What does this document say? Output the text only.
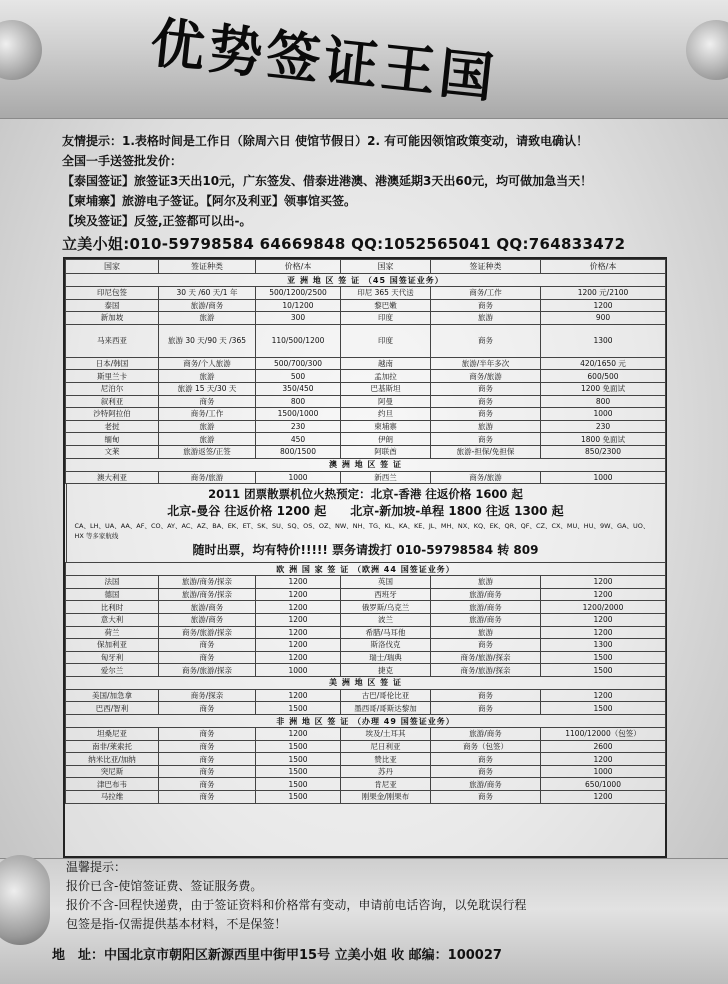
优势签证王国
友情提示：1.表格时间是工作日（除周六日 使馆节假日）2. 有可能因领馆政策变动，请致电确认！
全国一手送签批发价：
【泰国签证】旅签证3天出10元，广东签发、借泰进港澳、港澳延期3天出60元，均可做加急当天！
【柬埔寨】旅游电子签证。【阿尔及利亚】领事馆买签。
【埃及签证】反签,正签都可以出-。
立美小姐:010-59798584 64669848 QQ:1052565041 QQ:764833472
国家	签证种类	价格/本	国家	签证种类	价格/本
亚 洲 地 区 签 证 （45 国签证业务）					
印尼包签	30 天 /60 天/1 年	500/1200/2500	印尼 365 天代送	商务/工作	1200 元/2100
泰国	旅游/商务	10/1200	黎巴嫩	商务	1200
新加坡	旅游	300	印度	旅游	900
马来西亚	旅游 30 天/90 天 /365	110/500/1200	印度	商务	1300
日本/韩国	商务/个人旅游	500/700/300	越南	旅游/半年多次	420/1650 元
斯里兰卡	旅游	500	孟加拉	商务/旅游	600/500
尼泊尔	旅游 15 天/30 天	350/450	巴基斯坦	商务	1200 免面试
叙利亚	商务	800	阿曼	商务	800
沙特阿拉伯	商务/工作	1500/1000	约旦	商务	1000
老挝	旅游	230	柬埔寨	旅游	230
缅甸	旅游	450	伊朗	商务	1800 免面试
文莱	旅游返签/正签	800/1500	阿联酋	旅游-担保/免担保	850/2300
澳 洲 地 区 签 证					
澳大利亚	商务/旅游	1000	新西兰	商务/旅游	1000

2011 团票散票机位火热预定：北京-香港 往返价格 1600 起
北京-曼谷 往返价格 1200 起　　北京-新加坡-单程 1800 往返 1300 起
CA、LH、UA、AA、AF、CO、AY、AC、AZ、BA、EK、ET、SK、SU、SQ、OS、OZ、NW、NH、TG、KL、KA、KE、JL、MH、NX、KQ、EK、QR、QF、CZ、CX、MU、HU、9W、GA、UO、HX 等多家航线
随时出票，均有特价!!!!! 票务请拨打 010-59798584 转 809					

欧 洲 国 家 签 证 （欧洲 44 国签证业务）					
法国	旅游/商务/探亲	1200	英国	旅游	1200
德国	旅游/商务/探亲	1200	西班牙	旅游/商务	1200
比利时	旅游/商务	1200	俄罗斯/乌克兰	旅游/商务	1200/2000
意大利	旅游/商务	1200	波兰	旅游/商务	1200
荷兰	商务/旅游/探亲	1200	希腊/马耳他	旅游	1200
保加利亚	商务	1200	斯洛伐克	商务	1300
匈牙利	商务	1200	瑞士/瑞典	商务/旅游/探亲	1500
爱尔兰	商务/旅游/探亲	1000	捷克	商务/旅游/探亲	1500
美 洲 地 区 签 证					
美国/加急拿	商务/探亲	1200	古巴/哥伦比亚	商务	1200
巴西/智利	商务	1500	墨西哥/哥斯达黎加	商务	1500
非 洲 地 区 签 证 （办理 49 国签证业务）					
坦桑尼亚	商务	1200	埃及/土耳其	旅游/商务	1100/12000（包签）
南非/莱索托	商务	1500	尼日利亚	商务（包签）	2600
纳米比亚/加纳	商务	1500	赞比亚	商务	1200
突尼斯	商务	1500	苏丹	商务	1000
津巴布韦	商务	1500	肯尼亚	旅游/商务	650/1000
马拉维	商务	1500	刚果金/刚果布	商务	1200
温馨提示：
报价已含-使馆签证费、签证服务费。
报价不含-回程快递费，由于签证资料和价格常有变动，申请前电话咨询，以免耽误行程
包签是指-仅需提供基本材料，不是保签！
地　址：中国北京市朝阳区新源西里中街甲15号 立美小姐 收 邮编：100027
